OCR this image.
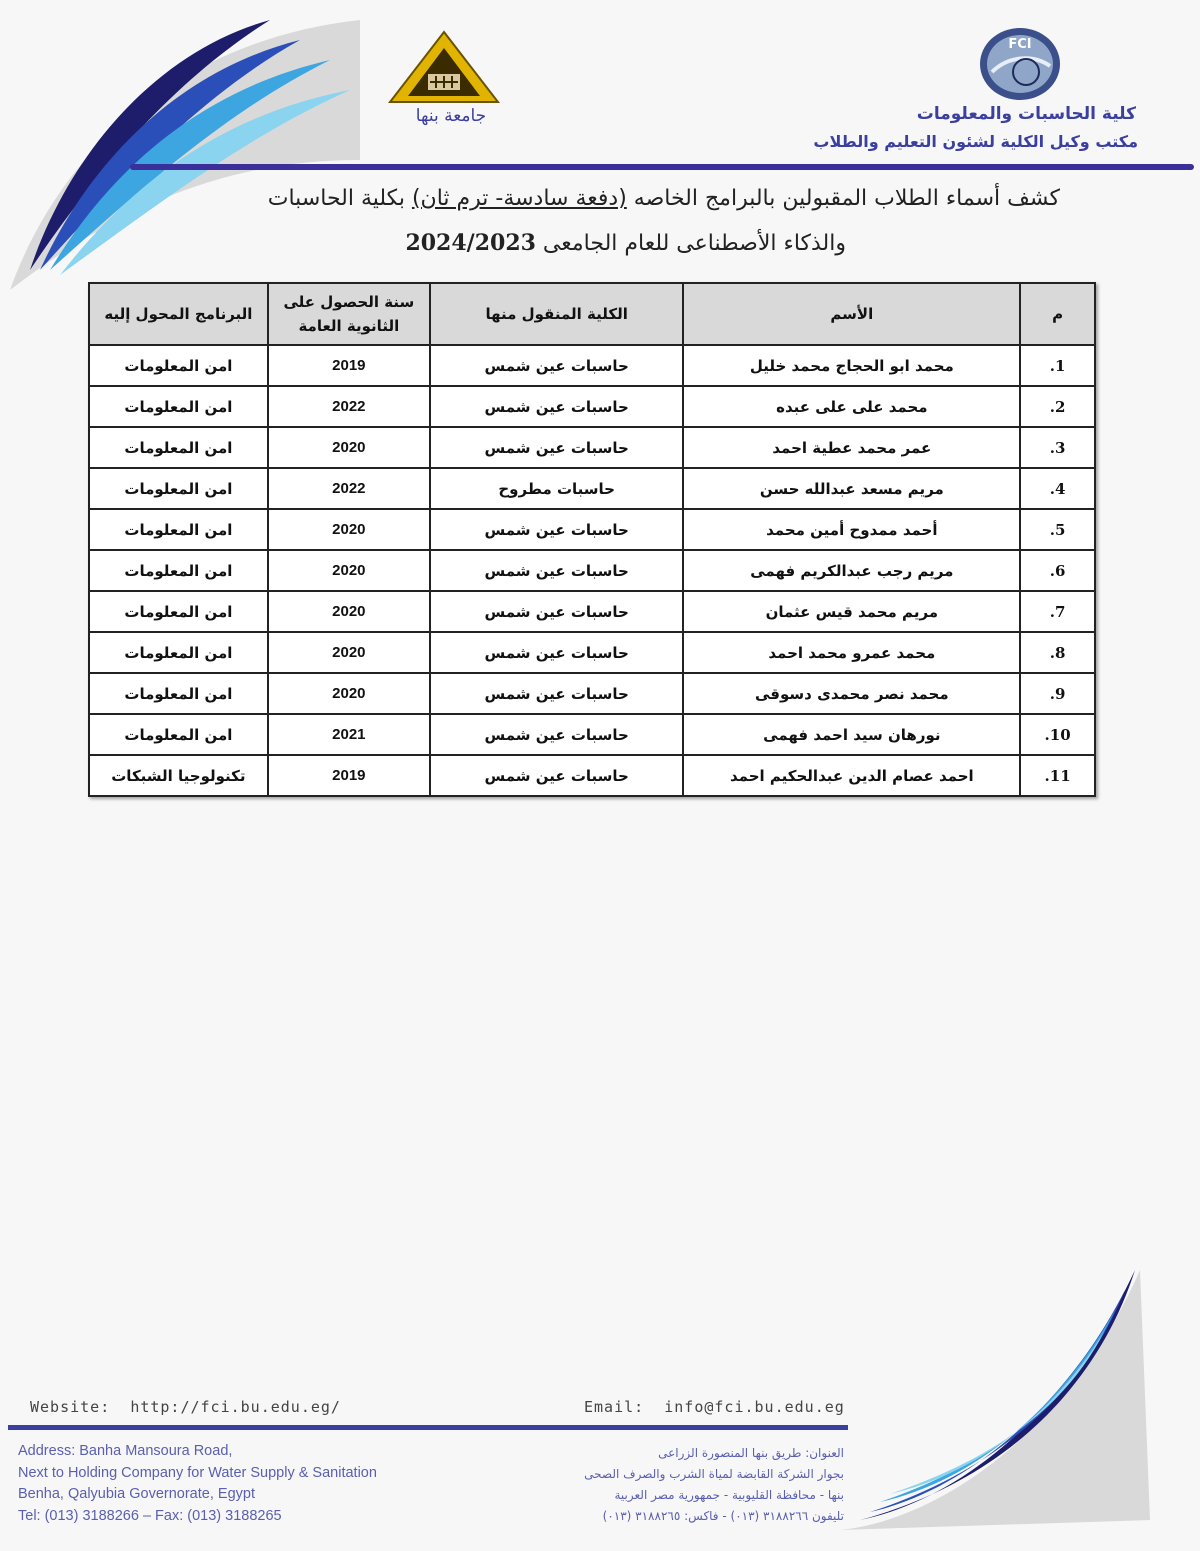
FCI
كلية الحاسبات والمعلومات
مكتب وكيل الكلية لشئون التعليم والطلاب
جامعة بنها
كشف أسماء الطلاب المقبولين بالبرامج الخاصه (دفعة سادسة- ترم ثان) بكلية الحاسبات
والذكاء الأصطناعى للعام الجامعى 2024/2023
م	الأسم	الكلية المنقول منها	سنة الحصول على الثانوية العامة	البرنامج المحول إليه
1.	محمد ابو الحجاج محمد خليل	حاسبات عين شمس	2019	امن المعلومات
2.	محمد على على عبده	حاسبات عين شمس	2022	امن المعلومات
3.	عمر محمد عطية احمد	حاسبات عين شمس	2020	امن المعلومات
4.	مريم مسعد عبدالله حسن	حاسبات مطروح	2022	امن المعلومات
5.	أحمد ممدوح أمين محمد	حاسبات عين شمس	2020	امن المعلومات
6.	مريم رجب عبدالكريم فهمى	حاسبات عين شمس	2020	امن المعلومات
7.	مريم محمد قيس عثمان	حاسبات عين شمس	2020	امن المعلومات
8.	محمد عمرو محمد احمد	حاسبات عين شمس	2020	امن المعلومات
9.	محمد نصر محمدى دسوقى	حاسبات عين شمس	2020	امن المعلومات
10.	نورهان سيد احمد فهمى	حاسبات عين شمس	2021	امن المعلومات
11.	احمد عصام الدين عبدالحكيم احمد	حاسبات عين شمس	2019	تكنولوجيا الشبكات
Website: http://fci.bu.edu.eg/	Email: info@fci.bu.edu.eg
Address: Banha Mansoura Road,
Next to Holding Company for Water Supply & Sanitation
Benha, Qalyubia Governorate, Egypt
Tel: (013) 3188266 – Fax: (013) 3188265
العنوان: طريق بنها المنصورة الزراعى
بجوار الشركة القابضة لمياة الشرب والصرف الصحى
بنها - محافظة القليوبية - جمهورية مصر العربية
تليفون ٣١٨٨٢٦٦ (٠١٣) - فاكس: ٣١٨٨٢٦٥ (٠١٣)
